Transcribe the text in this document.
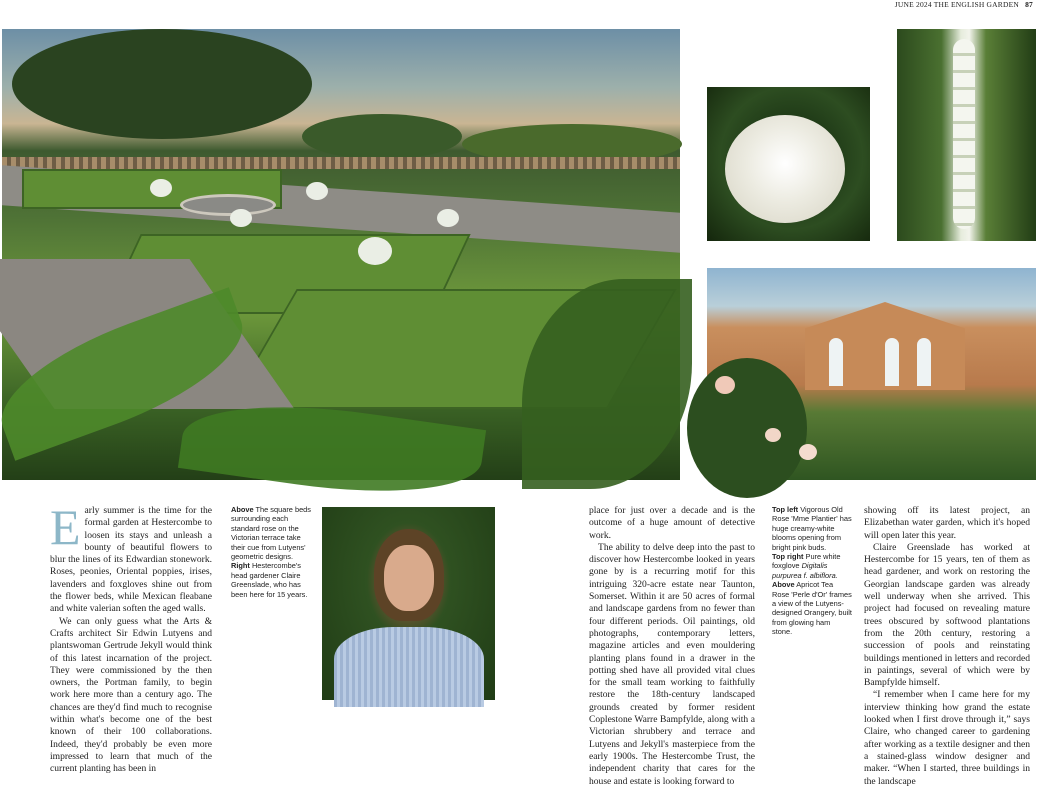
JUNE 2024 THE ENGLISH GARDEN 87

Early summer is the time for the formal garden at Hestercombe to loosen its stays and unleash a bounty of beautiful flowers to blur the lines of its Edwardian stonework. Roses, peonies, Oriental poppies, irises, lavenders and foxgloves shine out from the flower beds, while Mexican fleabane and white valerian soften the aged walls.

We can only guess what the Arts & Crafts architect Sir Edwin Lutyens and plantswoman Gertrude Jekyll would think of this latest incarnation of the project. They were commissioned by the then owners, the Portman family, to begin work here more than a century ago. The chances are they'd find much to recognise within what's become one of the best known of their 100 collaborations. Indeed, they'd probably be even more impressed to learn that much of the current planting has been in

Above The square beds surrounding each standard rose on the Victorian terrace take their cue from Lutyens' geometric designs.
Right Hestercombe's head gardener Claire Greenslade, who has been here for 15 years.

place for just over a decade and is the outcome of a huge amount of detective work.

The ability to delve deep into the past to discover how Hestercombe looked in years gone by is a recurring motif for this intriguing 320-acre estate near Taunton, Somerset. Within it are 50 acres of formal and landscape gardens from no fewer than four different periods. Oil paintings, old photographs, contemporary letters, magazine articles and even mouldering planting plans found in a drawer in the potting shed have all provided vital clues for the small team working to faithfully restore the 18th-century landscaped grounds created by former resident Coplestone Warre Bampfylde, along with a Victorian shrubbery and terrace and Lutyens and Jekyll's masterpiece from the early 1900s. The Hestercombe Trust, the independent charity that cares for the house and estate is looking forward to

Top left Vigorous Old Rose 'Mme Plantier' has huge creamy-white blooms opening from bright pink buds.
Top right Pure white foxglove Digitalis purpurea f. albiflora.
Above Apricot Tea Rose 'Perle d'Or' frames a view of the Lutyens-designed Orangery, built from glowing ham stone.

showing off its latest project, an Elizabethan water garden, which it's hoped will open later this year.

Claire Greenslade has worked at Hestercombe for 15 years, ten of them as head gardener, and work on restoring the Georgian landscape garden was already well underway when she arrived. This project had focused on revealing mature trees obscured by softwood plantations from the 20th century, restoring a succession of pools and reinstating buildings mentioned in letters and recorded in paintings, several of which were by Bampfylde himself.

“I remember when I came here for my interview thinking how grand the estate looked when I first drove through it,” says Claire, who changed career to gardening after working as a textile designer and then a stained-glass window designer and maker. “When I started, three buildings in the landscape
